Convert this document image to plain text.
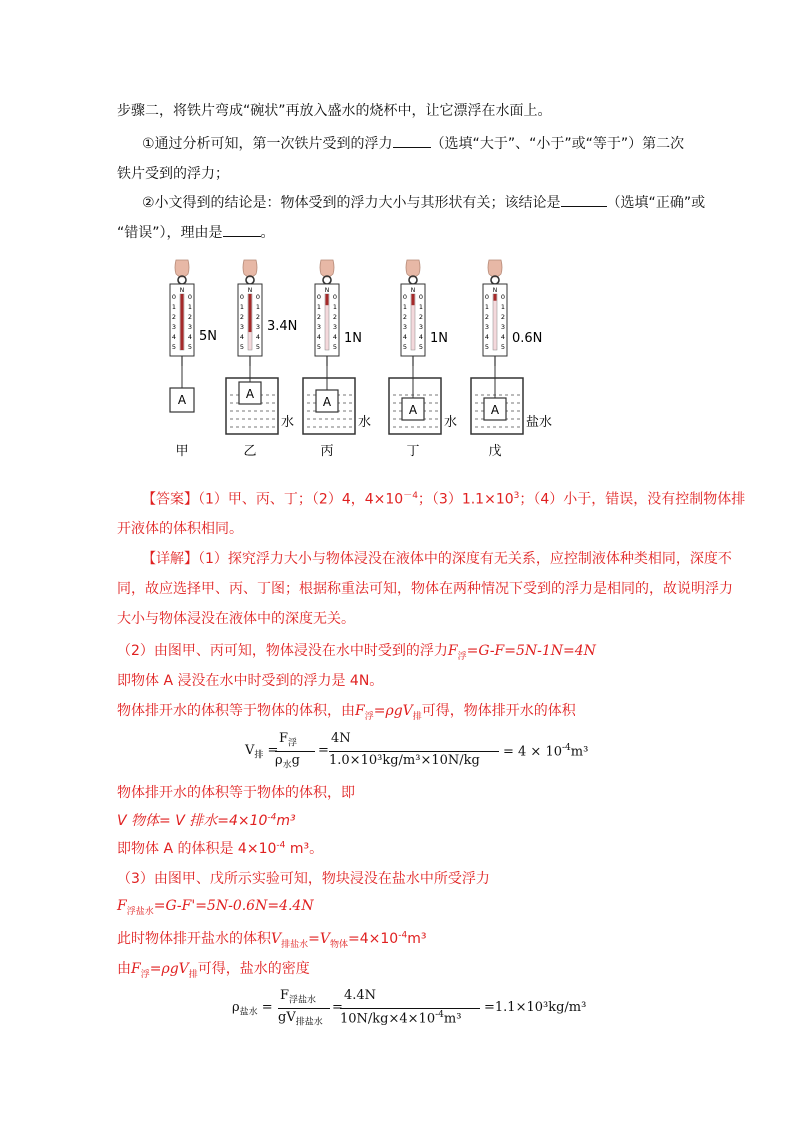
步骤二，将铁片弯成“碗状”再放入盛水的烧杯中，让它漂浮在水面上。
①通过分析可知，第一次铁片受到的浮力	（选填“大于”、“小于”或“等于”）第二次
铁片受到的浮力；
②小文得到的结论是：物体受到的浮力大小与其形状有关；该结论是	（选填“正确”或
“错误”），理由是	。
N
0 0
1 1
2 2
3 3
4 4
5 5
5N
A
甲
N
0 0
1 1
2 2
3 3
4 4
5 5
3.4N
水
A
乙
N
0 0
1 1
2 2
3 3
4 4
5 5
1N
水
A
丙
N
0 0
1 1
2 2
3 3
4 4
5 5
1N
水
A
丁
N
0 0
1 1
2 2
3 3
4 4
5 5
0.6N
盐水
A
戊
【答案】（1）甲、丙、丁；（2）4，$4\times 10^{-4}$；$(3)1.1\times 10^3$；（4）小于，错误，没有控制物体排
开液体的体积相同。
【详解】（1）探究浮力大小与物体浸没在液体中的深度有无关系，应控制液体种类相同，深度不
同，故应选择甲、丙、丁图；根据称重法可知，物体在两种情况下受到的浮力是相同的，故说明浮力
大小与物体浸没在液体中的深度无关。
（2）由图甲、丙可知，物体浸没在水中时受到的浮力$F_浮=G-F=5N-1N=4N$
即物体 A 浸没在水中时受到的浮力是 4N。
物体排开水的体积等于物体的体积，由$F_浮=\rho gV_排$可得，物体排开水的体积
$V_排$ =
$F_浮$
$\rho_水g$
=
4N
1.0×10³kg/m³×10N/kg
= $4 \times 10^{-4}m^3$
物体排开水的体积等于物体的体积，即
V 物体= V 排水$=4\times 10^{-4}m^3$
即物体 A 的体积是 $4\times 10^{-4}$ m³。
（3）由图甲、戊所示实验可知，物块浸没在盐水中所受浮力
$F_{浮盐水}=G-F'=5N-0.6N=4.4N$
此时物体排开盐水的体积$V_{排盐水}=V_{物体}=4\times 10^{-4}m^3$
由$F_浮=\rho gV_排$可得，盐水的密度
$\rho_{盐水}$ =
$F_{浮盐水}$
$gV_{排盐水}$
=
4.4N
$10N/kg\times 4\times 10^{-4}m^3$
=1.1×10³kg/m³
